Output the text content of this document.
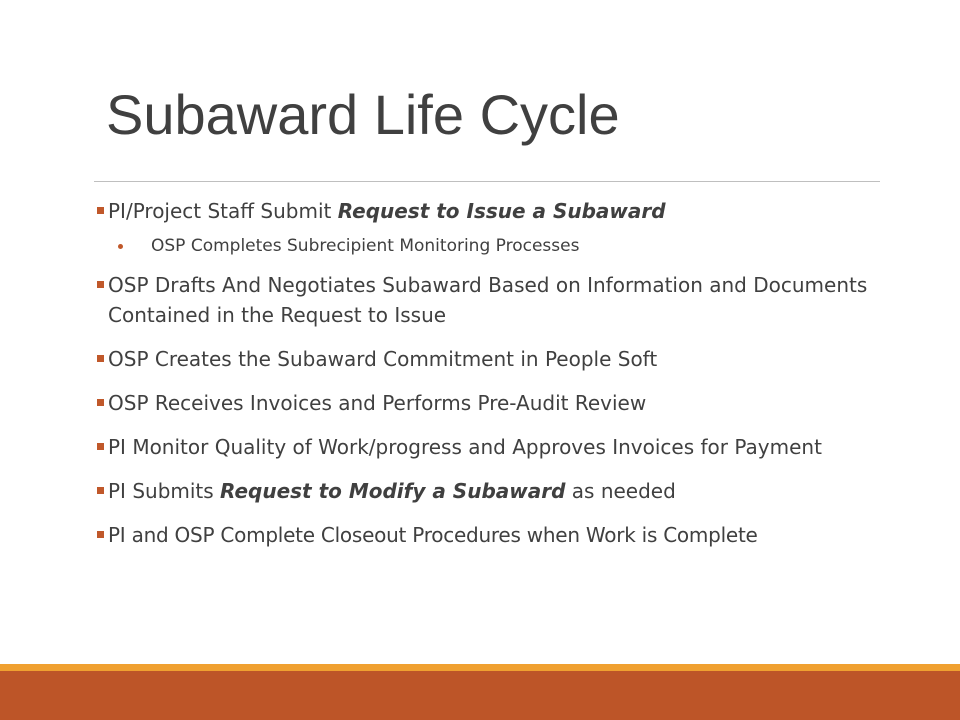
Subaward Life Cycle
PI/Project Staff Submit Request to Issue a Subaward
OSP Completes Subrecipient Monitoring Processes
OSP Drafts And Negotiates Subaward Based on Information and Documents Contained in the Request to Issue
OSP Creates the Subaward Commitment in People Soft
OSP Receives Invoices and Performs Pre-Audit Review
PI Monitor Quality of Work/progress and Approves Invoices for Payment
PI Submits Request to Modify a Subaward as needed
PI and OSP Complete Closeout Procedures when Work is Complete
